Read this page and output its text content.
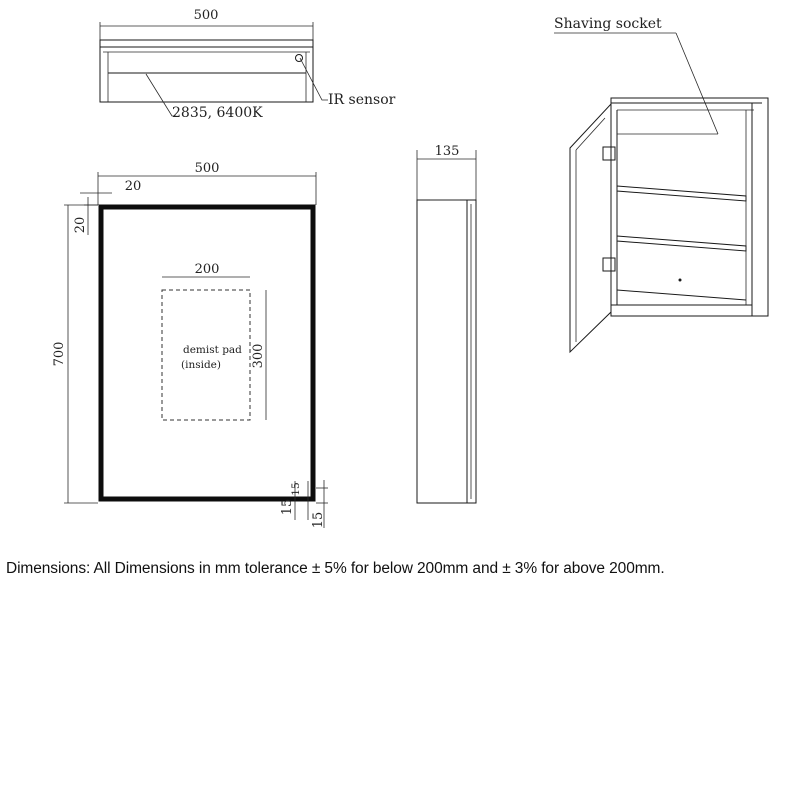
500
IR sensor
2835, 6400K
500
20
20
700
200
demist pad
(inside) 300
15
15
15
135
Shaving socket
Dimensions: All Dimensions in mm tolerance ± 5% for below 200mm and ± 3% for above 200mm.
